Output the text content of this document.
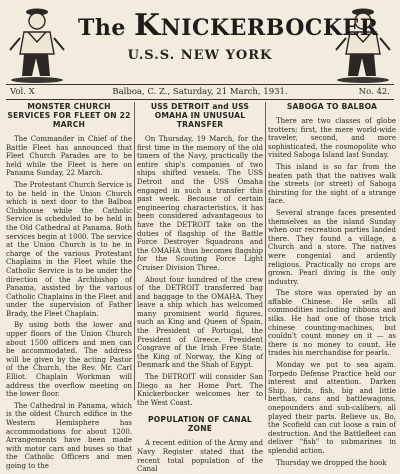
The KNICKERBOCKER
U.S.S. NEW YORK
Vol. X	Balboa, C. Z., Saturday, 21 March, 1931.	No. 42.
MONSTER CHURCH SERVICES FOR FLEET ON 22 MARCH

The Commander in Chief of the Battle Fleet has announced that Fleet Church Parades are to be held while the Fleet is here on Panama Sunday, 22 March.

The Protestant Church Service is to be held in the Union Church which is next door to the Balboa Clubhouse while the Catholic Service is scheduled to be held in the Old Cathedral at Panama. Both services begin at 1000. The service at the Union Church is to be in charge of the various Protestant Chaplains in the Fleet while the Catholic Service is to be under the direction of the Archbishop of Panama, assisted by the various Catholic Chaplains in the Fleet and under the supervision of Father Brady, the Fleet Chaplain.

By using both the lower and upper floors of the Union Church about 1500 officers and men can be accommodated. The address will be given by the acting Pastor of the Church, the Rev. Mr. Carl Elliot. Chaplain Workman will address the overflow meeting on the lower floor.

The Cathedral in Panama, which is the oldest Church edifice in the Western Hemisphere has accommodations for about 1200. Arrangements have been made with motor cars and buses so that the Catholic Officers and men going to the

USS DETROIT and USS OMAHA IN UNUSUAL TRANSFER

On Thursday, 19 March, for the first time in the memory of the old timers of the Navy, practically the entire ship's companies of two ships shifted vessels. The USS Detroit and the USS Omaha engaged in such a transfer this past week. Because of certain engineering characteristics, it has been considered advantageous to have the DETROIT take on the duties of flagship of the Battle Force Destroyer Squadrons and the OMAHA thus becomes flagship for the Scouting Force Light Cruiser Division Three.

About four hundred of the crew of the DETROIT transferred bag and baggage to the OMAHA. They leave a ship which has welcomed many prominent world figures, such as King and Queen of Spain, the President of Portugal, the President of Greece, President Cosgrave of the Irish Free State, the King of Norway, the King of Denmark and the Shah of Egypt.

The DETROIT will consider San Diego as her Home Port. The Knickerbocker welcomes her to the West Coast.

POPULATION OF CANAL ZONE

A recent edition of the Army and Navy Register stated that the recent total population of the Canal

SABOGA TO BALBOA

There are two classes of globe trotters; first, the mere world-wide traveler, second, and more sophisticated, the cosmopolite who visited Saboga Island last Sunday.

This island is so far from the beaten path that the natives walk the streets (or street) of Saboga thirsting for the sight of a strange face.

Several strange faces presented themselves as the island Sunday when our recreation parties landed there. They found a village, a Church and a store. The natives were congenial and ardently religious. Practically no crops are grown. Pearl diving is the only industry.

The store was operated by an affable Chinese. He sells all commodities including ribbons and silks. He had one of those trick chinese counting-machines, but couldn't count money on it — as there is no money to count. He trades his merchandise for pearls.

Monday we put to sea again. Torpedo Defense Practice held our interest and attention. Darken Ship, birds, fish, big and little berthas, cans and battlewagons, onepounders and sub-calibers, all played their parts. Believe us, Bo, the Scofield can cut loose a rain of destruction. And the Battlefleet can deliver "fish" to submarines in splendid action.

Thursday we dropped the hook
